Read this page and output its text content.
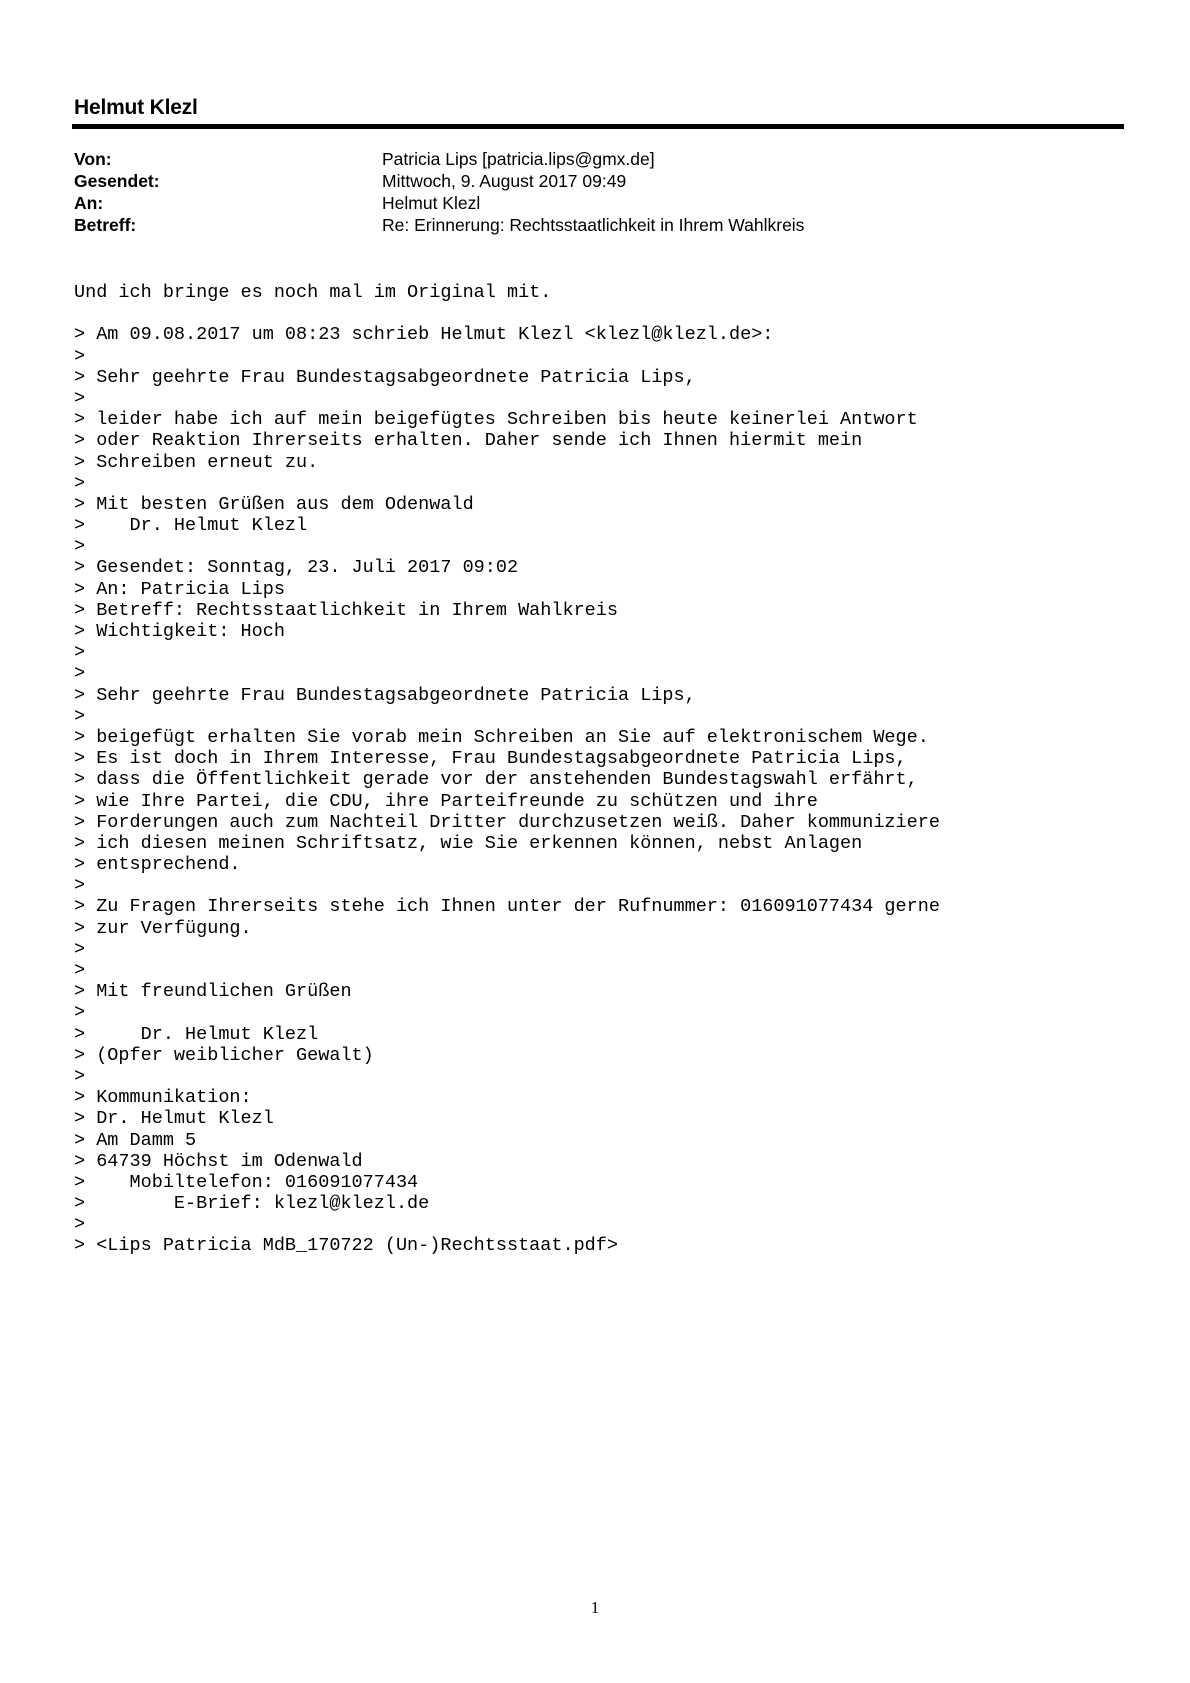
Helmut Klezl
Von:	Patricia Lips [patricia.lips@gmx.de]
Gesendet:	Mittwoch, 9. August 2017 09:49
An:	Helmut Klezl
Betreff:	Re: Erinnerung: Rechtsstaatlichkeit in Ihrem Wahlkreis
Und ich bringe es noch mal im Original mit.
> Am 09.08.2017 um 08:23 schrieb Helmut Klezl <klezl@klezl.de>:
>
> Sehr geehrte Frau Bundestagsabgeordnete Patricia Lips,
>
> leider habe ich auf mein beigefügtes Schreiben bis heute keinerlei Antwort
> oder Reaktion Ihrerseits erhalten. Daher sende ich Ihnen hiermit mein
> Schreiben erneut zu.
>
> Mit besten Grüßen aus dem Odenwald
>    Dr. Helmut Klezl
>
> Gesendet: Sonntag, 23. Juli 2017 09:02
> An: Patricia Lips
> Betreff: Rechtsstaatlichkeit in Ihrem Wahlkreis
> Wichtigkeit: Hoch
>
>
> Sehr geehrte Frau Bundestagsabgeordnete Patricia Lips,
>
> beigefügt erhalten Sie vorab mein Schreiben an Sie auf elektronischem Wege.
> Es ist doch in Ihrem Interesse, Frau Bundestagsabgeordnete Patricia Lips,
> dass die Öffentlichkeit gerade vor der anstehenden Bundestagswahl erfährt,
> wie Ihre Partei, die CDU, ihre Parteifreunde zu schützen und ihre
> Forderungen auch zum Nachteil Dritter durchzusetzen weiß. Daher kommuniziere
> ich diesen meinen Schriftsatz, wie Sie erkennen können, nebst Anlagen
> entsprechend.
>
> Zu Fragen Ihrerseits stehe ich Ihnen unter der Rufnummer: 016091077434 gerne
> zur Verfügung.
>
>
> Mit freundlichen Grüßen
>
>     Dr. Helmut Klezl
> (Opfer weiblicher Gewalt)
>
> Kommunikation:
> Dr. Helmut Klezl
> Am Damm 5
> 64739 Höchst im Odenwald
>    Mobiltelefon: 016091077434
>        E-Brief: klezl@klezl.de
>
> <Lips Patricia MdB_170722 (Un-)Rechtsstaat.pdf>
1
